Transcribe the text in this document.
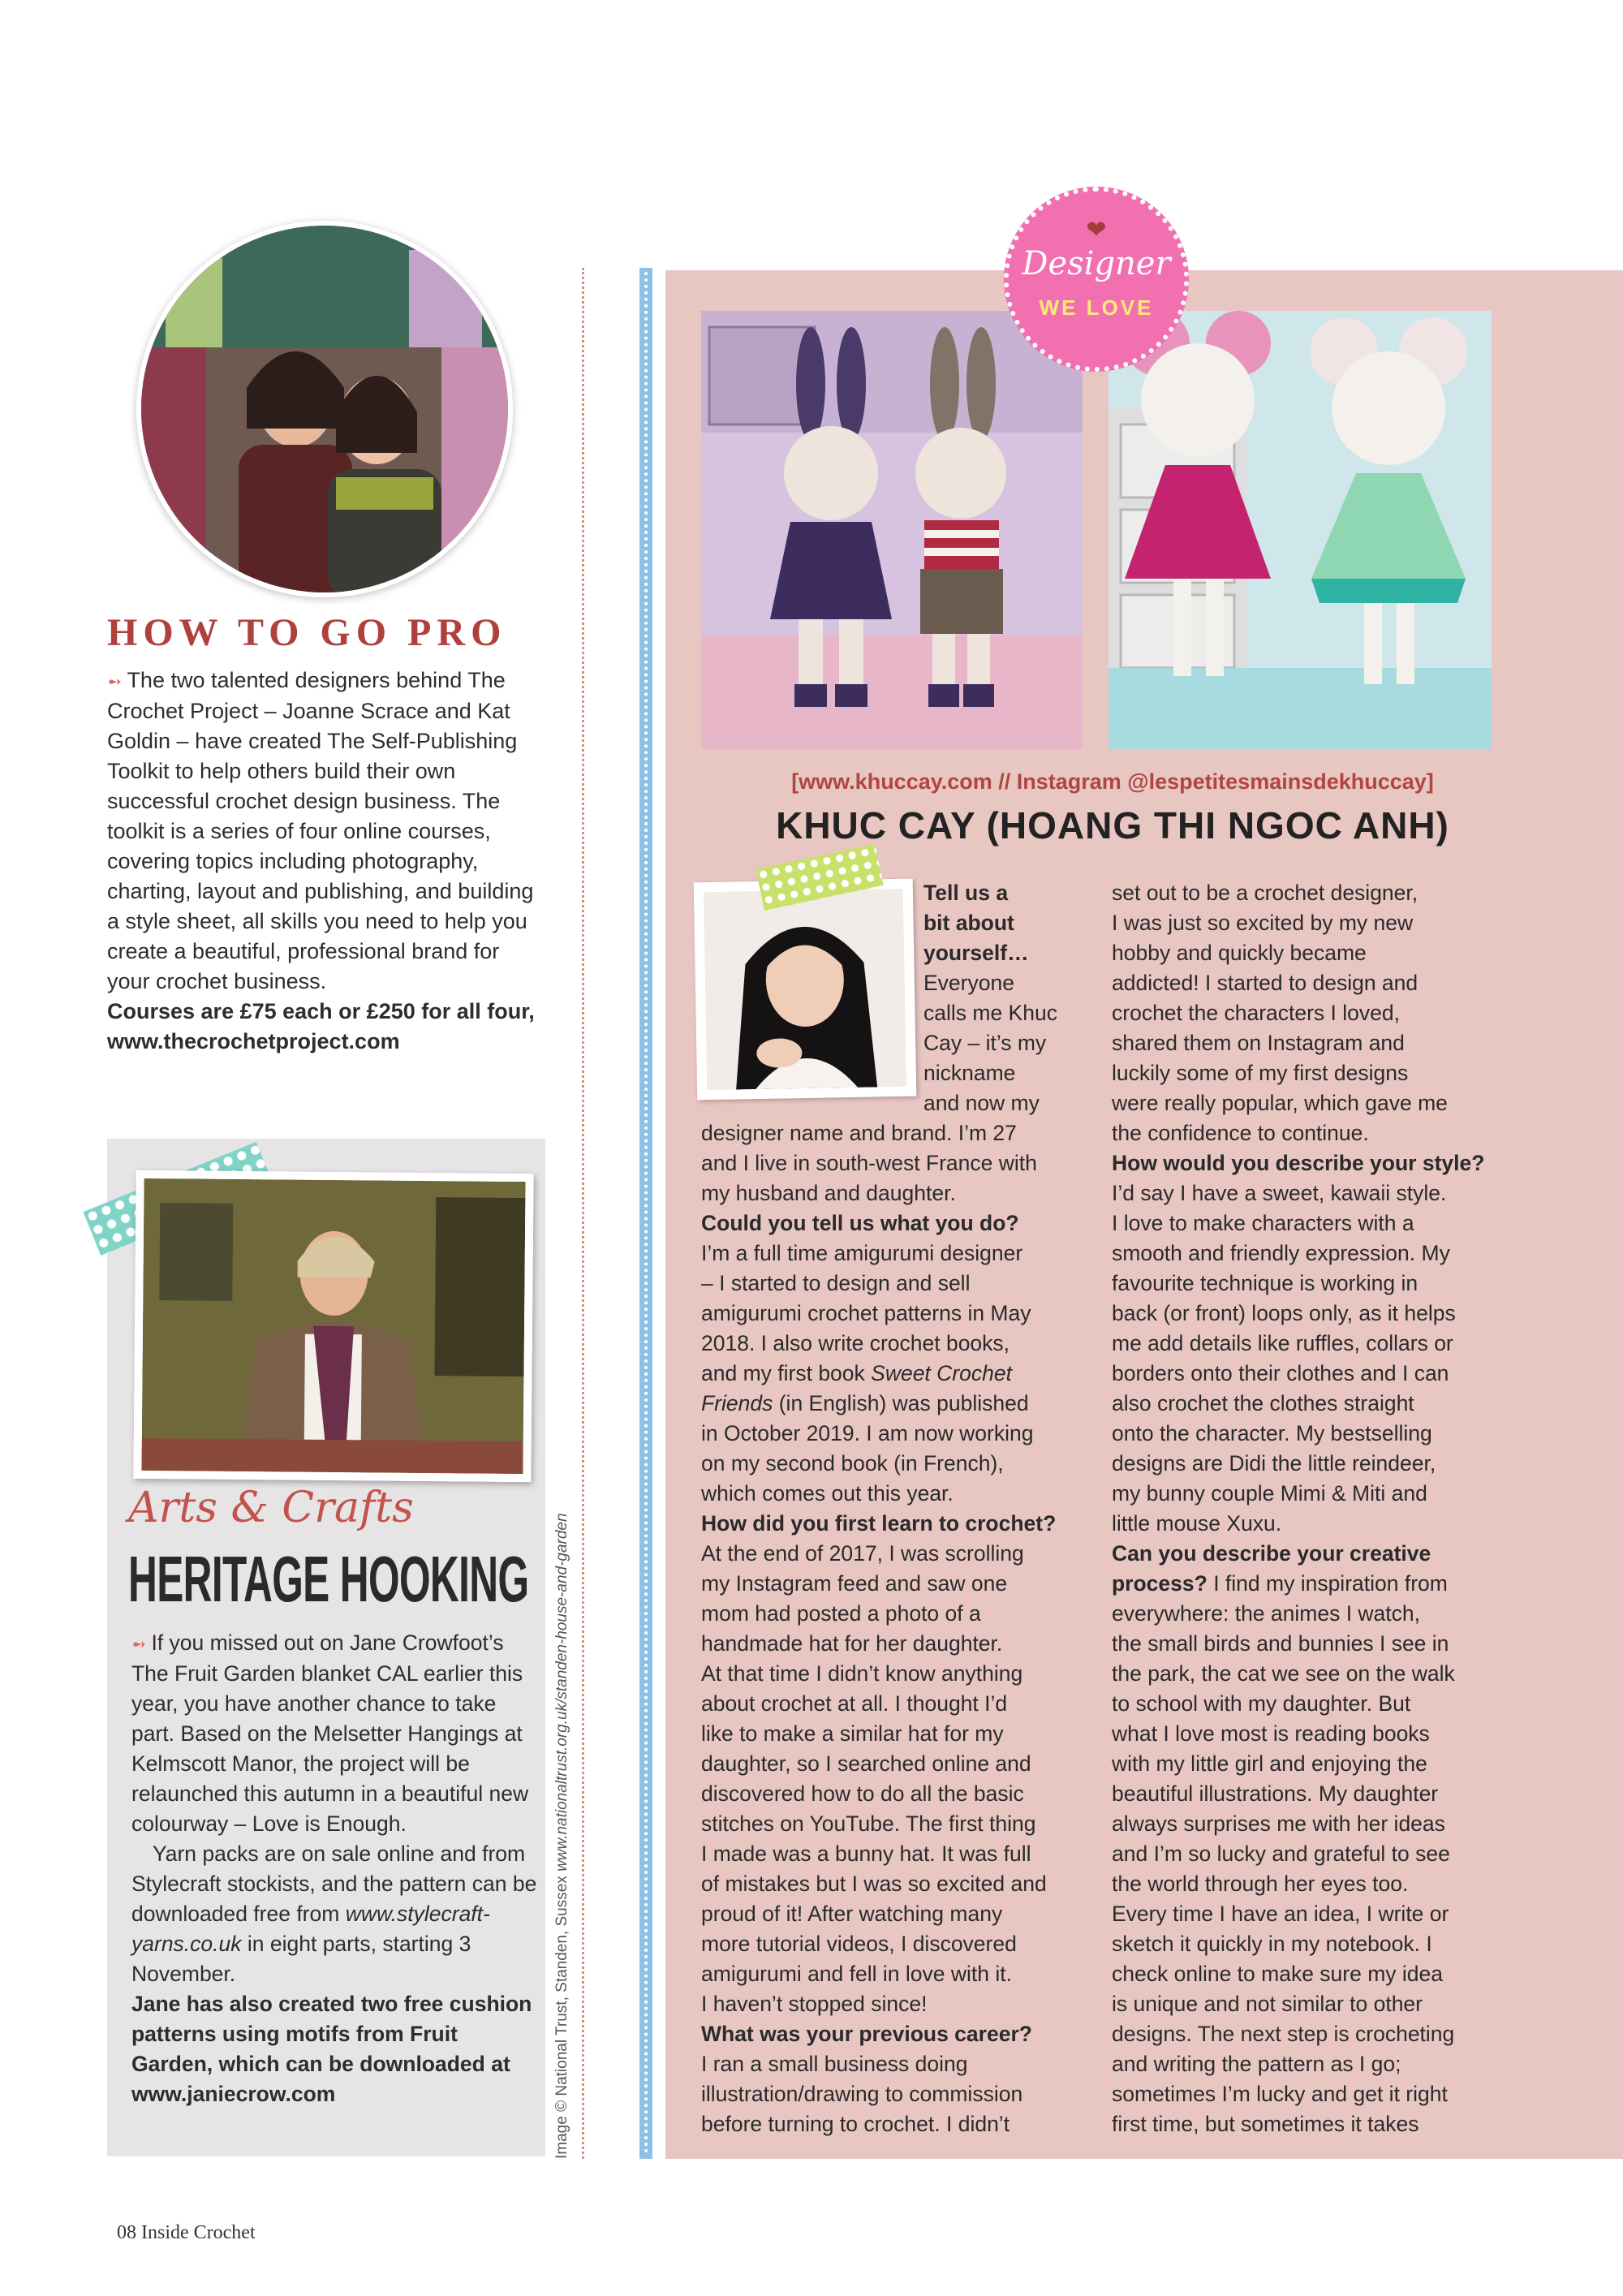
HOW TO GO PRO
➻ The two talented designers behind The Crochet Project – Joanne Scrace and Kat Goldin – have created The Self-Publishing Toolkit to help others build their own successful crochet design business. The toolkit is a series of four online courses, covering topics including photography, charting, layout and publishing, and building a style sheet, all skills you need to help you create a beautiful, professional brand for your crochet business.
Courses are £75 each or £250 for all four, www.thecrochetproject.com
Arts & Crafts
HERITAGE HOOKING
➻ If you missed out on Jane Crowfoot’s The Fruit Garden blanket CAL earlier this year, you have another chance to take part. Based on the Melsetter Hangings at Kelmscott Manor, the project will be relaunched this autumn in a beautiful new colourway – Love is Enough.
Yarn packs are on sale online and from Stylecraft stockists, and the pattern can be downloaded free from www.stylecraft-yarns.co.uk in eight parts, starting 3 November.
Jane has also created two free cushion patterns using motifs from Fruit Garden, which can be downloaded at www.janiecrow.com	Image © National Trust, Standen, Sussex www.nationaltrust.org.uk/standen-house-and-garden
❤
Designer
WE LOVE
[www.khuccay.com // Instagram @lespetitesmainsdekhuccay]
KHUC CAY (HOANG THI NGOC ANH)
Tell us a
bit about
yourself…
Everyone
calls me Khuc
Cay – it’s my
nickname
and now my
designer name and brand. I’m 27
and I live in south-west France with
my husband and daughter.
Could you tell us what you do?
I’m a full time amigurumi designer
– I started to design and sell
amigurumi crochet patterns in May
2018. I also write crochet books,
and my first book Sweet Crochet
Friends (in English) was published
in October 2019. I am now working
on my second book (in French),
which comes out this year.
How did you first learn to crochet?
At the end of 2017, I was scrolling
my Instagram feed and saw one
mom had posted a photo of a
handmade hat for her daughter.
At that time I didn’t know anything
about crochet at all. I thought I’d
like to make a similar hat for my
daughter, so I searched online and
discovered how to do all the basic
stitches on YouTube. The first thing
I made was a bunny hat. It was full
of mistakes but I was so excited and
proud of it! After watching many
more tutorial videos, I discovered
amigurumi and fell in love with it.
I haven’t stopped since!
What was your previous career?
I ran a small business doing
illustration/drawing to commission
before turning to crochet. I didn’t
set out to be a crochet designer,
I was just so excited by my new
hobby and quickly became
addicted! I started to design and
crochet the characters I loved,
shared them on Instagram and
luckily some of my first designs
were really popular, which gave me
the confidence to continue.
How would you describe your style?
I’d say I have a sweet, kawaii style.
I love to make characters with a
smooth and friendly expression. My
favourite technique is working in
back (or front) loops only, as it helps
me add details like ruffles, collars or
borders onto their clothes and I can
also crochet the clothes straight
onto the character. My bestselling
designs are Didi the little reindeer,
my bunny couple Mimi & Miti and
little mouse Xuxu.
Can you describe your creative
process? I find my inspiration from
everywhere: the animes I watch,
the small birds and bunnies I see in
the park, the cat we see on the walk
to school with my daughter. But
what I love most is reading books
with my little girl and enjoying the
beautiful illustrations. My daughter
always surprises me with her ideas
and I’m so lucky and grateful to see
the world through her eyes too.
Every time I have an idea, I write or
sketch it quickly in my notebook. I
check online to make sure my idea
is unique and not similar to other
designs. The next step is crocheting
and writing the pattern as I go;
sometimes I’m lucky and get it right
first time, but sometimes it takes
08 Inside Crochet
